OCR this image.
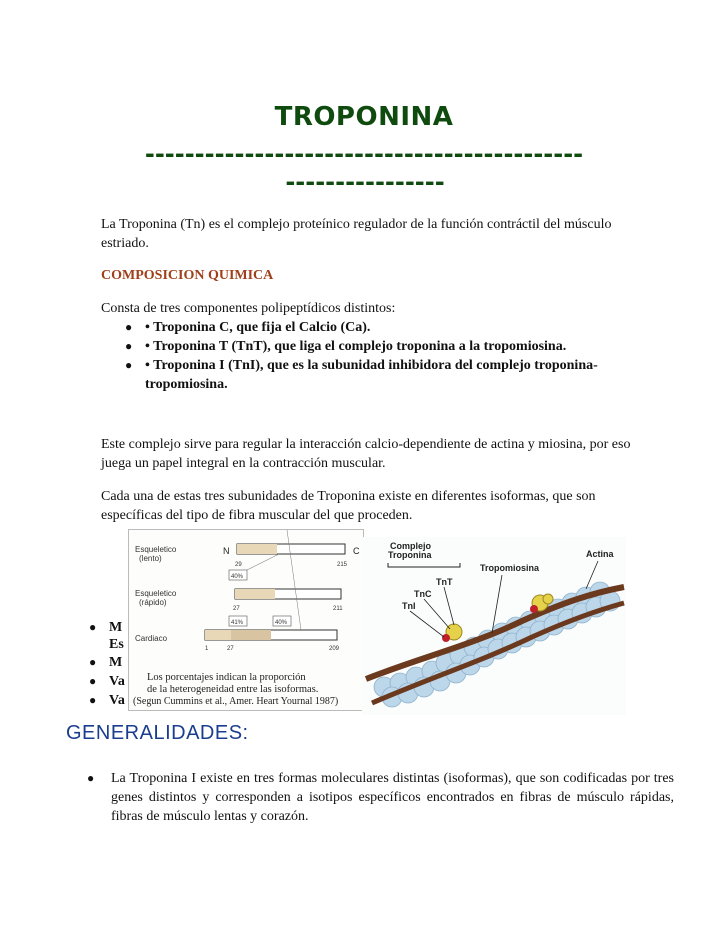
TROPONINA
--------------------------------------------
----------------
La Troponina (Tn) es el complejo proteínico regulador de la función contráctil del músculo estriado.
COMPOSICION QUIMICA
Consta de tres componentes polipeptídicos distintos:
● • Troponina C, que fija el Calcio (Ca).
● • Troponina T (TnT), que liga el complejo troponina a la tropomiosina.
● • Troponina I (TnI), que es la subunidad inhibidora del complejo troponina-tropomiosina.
Este complejo sirve para regular la interacción calcio-dependiente de actina y miosina, por eso juega un papel integral en la contracción muscular.
Cada una de estas tres subunidades de Troponina existe en diferentes isoformas, que son específicas del tipo de fibra muscular del que proceden.
● M
Es
● M
● Va
● Va
Esqueletico
(lento)
Esqueletico
(rápido)
Cardiaco
N	C
29	215
40%
27	211
1	27	209
41%	40%
Los porcentajes indican la proporción
de la heterogeneidad entre las isoformas.
(Segun Cummins et al., Amer. Heart Yournal 1987)
Complejo
Troponina
TnT
TnC
TnI
Tropomiosina
Actina
GENERALIDADES:
● La Troponina I existe en tres formas moleculares distintas (isoformas), que son codificadas por tres genes distintos y corresponden a isotipos específicos encontrados en fibras de músculo rápidas, fibras de músculo lentas y corazón.
